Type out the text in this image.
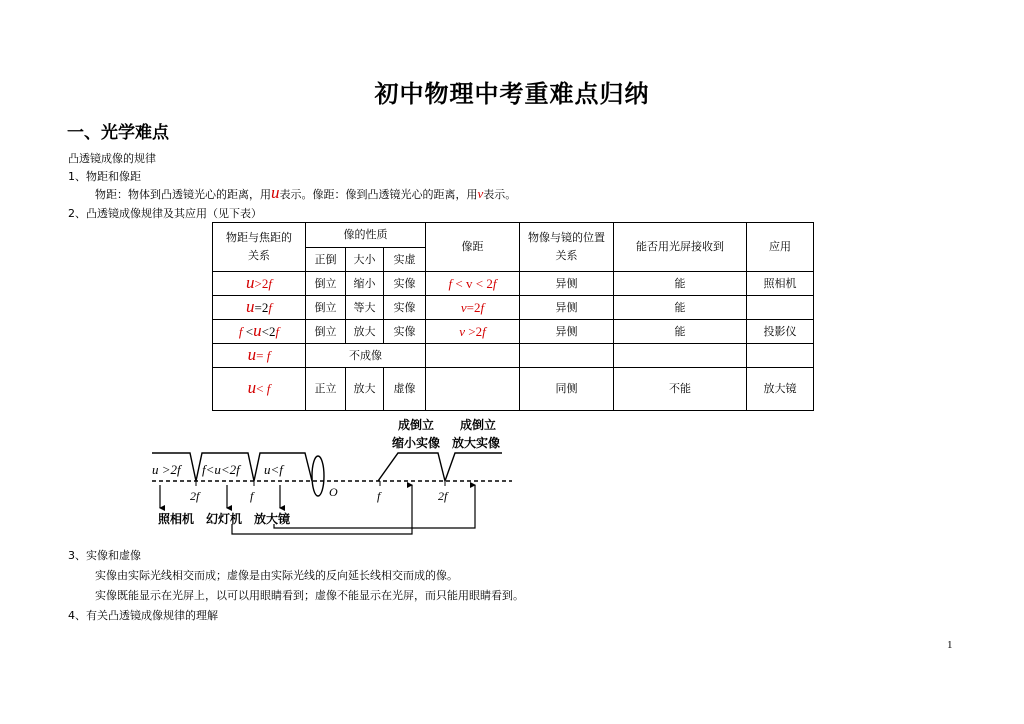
初中物理中考重难点归纳
一、光学难点
凸透镜成像的规律
1、物距和像距
物距：物体到凸透镜光心的距离，用u表示。像距：像到凸透镜光心的距离，用v表示。
2、凸透镜成像规律及其应用（见下表）
物距与焦距的关系	像的性质			像距	物像与镜的位置关系	能否用光屏接收到	应用
	正倒	大小	实虚				
u>2f	倒立	缩小	实像	f < v < 2f	异侧	能	照相机
u=2f	倒立	等大	实像	v=2f	异侧	能	
f <u<2f	倒立	放大	实像	v >2f	异侧	能	投影仪
u= f	不成像						
u< f	正立	放大	虚像		同侧	不能	放大镜
u >2f f<u<2f u<f
2f	f	O	f	2f
照相机 幻灯机 放大镜
成倒立
缩小实像
成倒立
放大实像
3、实像和虚像
实像由实际光线相交而成；虚像是由实际光线的反向延长线相交而成的像。
实像既能显示在光屏上，以可以用眼睛看到；虚像不能显示在光屏，而只能用眼睛看到。
4、有关凸透镜成像规律的理解
1
